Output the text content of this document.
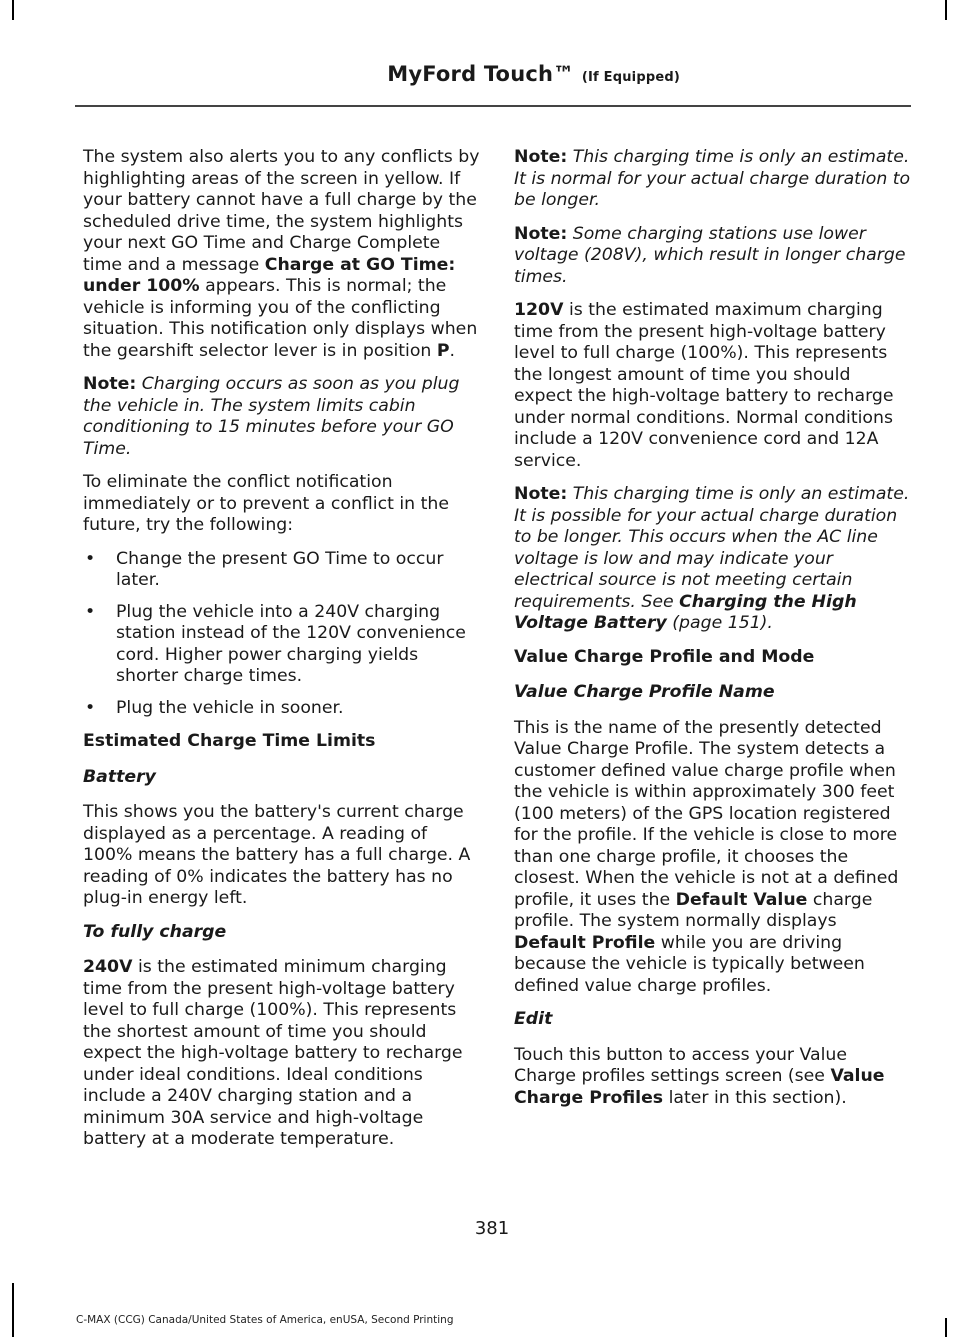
MyFord Touch™ (If Equipped)

The system also alerts you to any conflicts by highlighting areas of the screen in yellow. If your battery cannot have a full charge by the scheduled drive time, the system highlights your next GO Time and Charge Complete time and a message Charge at GO Time: under 100% appears. This is normal; the vehicle is informing you of the conflicting situation. This notification only displays when the gearshift selector lever is in position P.

Note: Charging occurs as soon as you plug the vehicle in. The system limits cabin conditioning to 15 minutes before your GO Time.

To eliminate the conflict notification immediately or to prevent a conflict in the future, try the following:

• Change the present GO Time to occur later.
• Plug the vehicle into a 240V charging station instead of the 120V convenience cord. Higher power charging yields shorter charge times.
• Plug the vehicle in sooner.

Estimated Charge Time Limits

Battery

This shows you the battery's current charge displayed as a percentage. A reading of 100% means the battery has a full charge. A reading of 0% indicates the battery has no plug-in energy left.

To fully charge

240V is the estimated minimum charging time from the present high-voltage battery level to full charge (100%). This represents the shortest amount of time you should expect the high-voltage battery to recharge under ideal conditions. Ideal conditions include a 240V charging station and a minimum 30A service and high-voltage battery at a moderate temperature.

Note: This charging time is only an estimate. It is normal for your actual charge duration to be longer.

Note: Some charging stations use lower voltage (208V), which result in longer charge times.

120V is the estimated maximum charging time from the present high-voltage battery level to full charge (100%). This represents the longest amount of time you should expect the high-voltage battery to recharge under normal conditions. Normal conditions include a 120V convenience cord and 12A service.

Note: This charging time is only an estimate. It is possible for your actual charge duration to be longer. This occurs when the AC line voltage is low and may indicate your electrical source is not meeting certain requirements. See Charging the High Voltage Battery (page 151).

Value Charge Profile and Mode

Value Charge Profile Name

This is the name of the presently detected Value Charge Profile. The system detects a customer defined value charge profile when the vehicle is within approximately 300 feet (100 meters) of the GPS location registered for the profile. If the vehicle is close to more than one charge profile, it chooses the closest. When the vehicle is not at a defined profile, it uses the Default Value charge profile. The system normally displays Default Profile while you are driving because the vehicle is typically between defined value charge profiles.

Edit

Touch this button to access your Value Charge profiles settings screen (see Value Charge Profiles later in this section).

381
C-MAX (CCG) Canada/United States of America, enUSA, Second Printing
